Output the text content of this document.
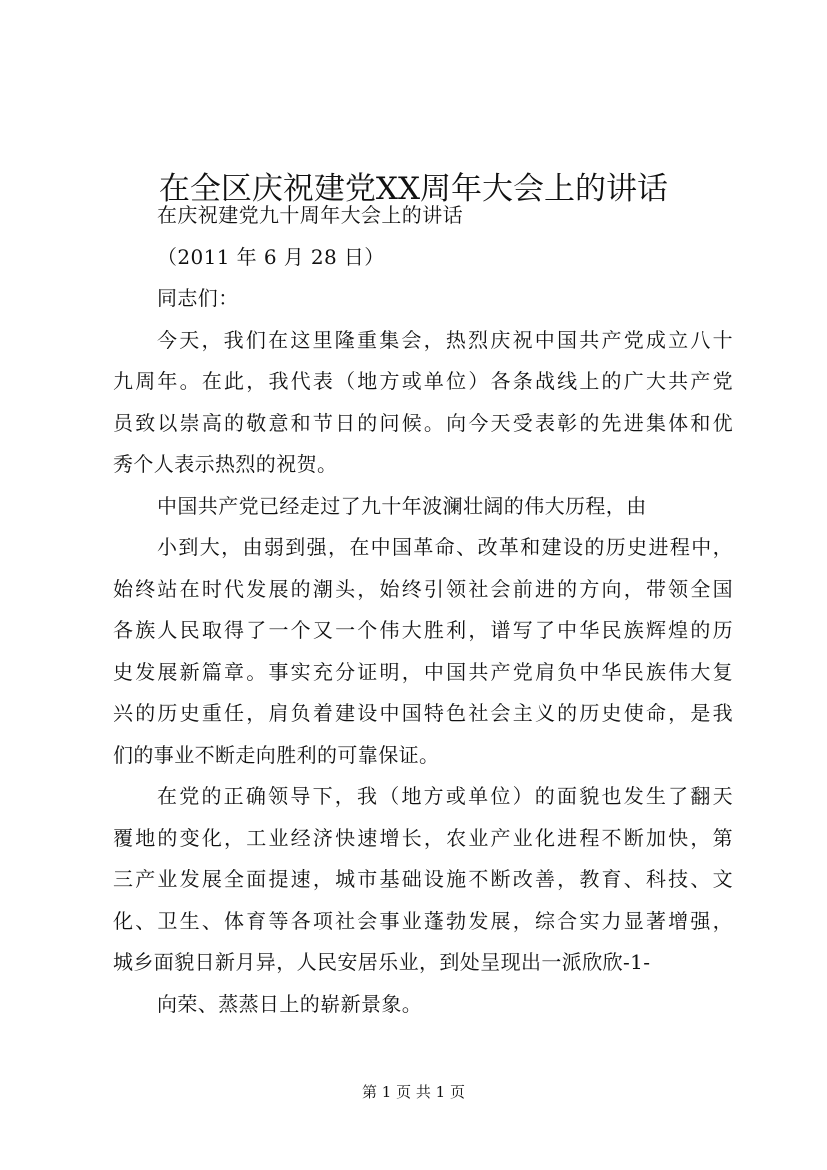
在全区庆祝建党XX周年大会上的讲话
在庆祝建党九十周年大会上的讲话
（2011 年 6 月 28 日）
同志们：
今天，我们在这里隆重集会，热烈庆祝中国共产党成立八十
九周年。在此，我代表（地方或单位）各条战线上的广大共产党
员致以崇高的敬意和节日的问候。向今天受表彰的先进集体和优
秀个人表示热烈的祝贺。
中国共产党已经走过了九十年波澜壮阔的伟大历程，由
小到大，由弱到强，在中国革命、改革和建设的历史进程中，
始终站在时代发展的潮头，始终引领社会前进的方向，带领全国
各族人民取得了一个又一个伟大胜利，谱写了中华民族辉煌的历
史发展新篇章。事实充分证明，中国共产党肩负中华民族伟大复
兴的历史重任，肩负着建设中国特色社会主义的历史使命，是我
们的事业不断走向胜利的可靠保证。
在党的正确领导下，我（地方或单位）的面貌也发生了翻天
覆地的变化，工业经济快速增长，农业产业化进程不断加快，第
三产业发展全面提速，城市基础设施不断改善，教育、科技、文
化、卫生、体育等各项社会事业蓬勃发展，综合实力显著增强，
城乡面貌日新月异，人民安居乐业，到处呈现出一派欣欣-1-
向荣、蒸蒸日上的崭新景象。
第 1 页 共 1 页
